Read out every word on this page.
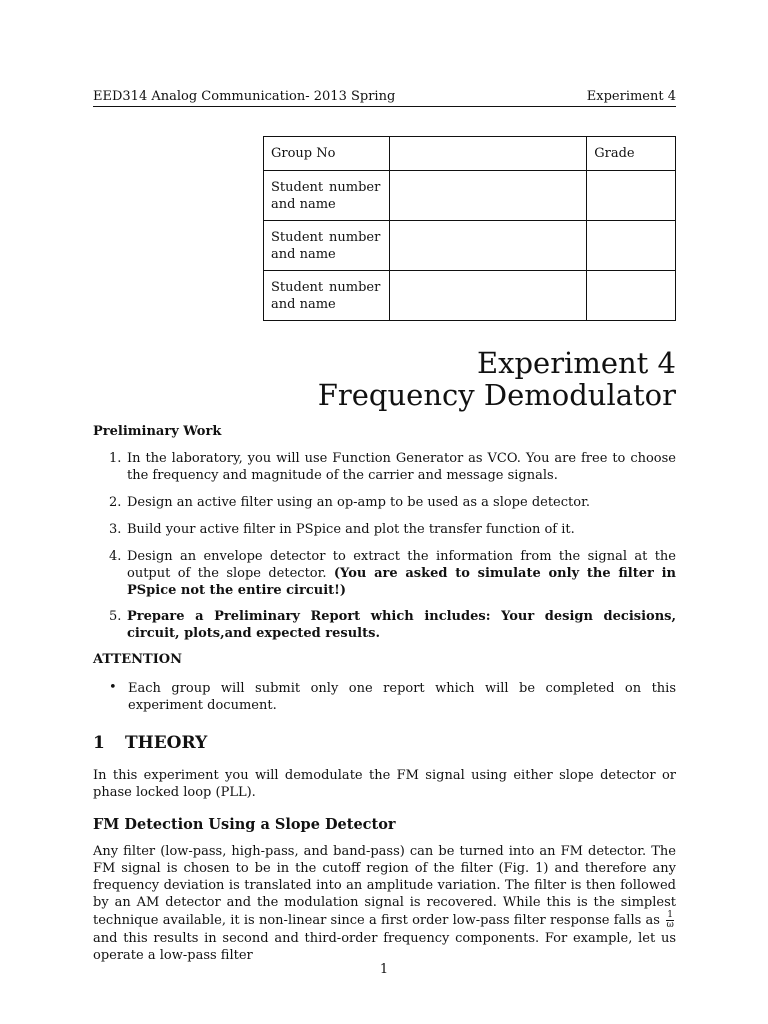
EED314 Analog Communication- 2013 Spring	Experiment 4
Group No		Grade

Student number
and name		

Student number
and name		

Student number
and name		

Experiment 4
Frequency Demodulator
Preliminary Work
1. In the laboratory, you will use Function Generator as VCO. You are free to choose the frequency and magnitude of the carrier and message signals.
2. Design an active filter using an op-amp to be used as a slope detector.
3. Build your active filter in PSpice and plot the transfer function of it.
4. Design an envelope detector to extract the information from the signal at the output of the slope detector. (You are asked to simulate only the filter in PSpice not the entire circuit!)
5. Prepare a Preliminary Report which includes: Your design decisions, circuit, plots,and expected results.
ATTENTION
• Each group will submit only one report which will be completed on this experiment document.
1 THEORY
In this experiment you will demodulate the FM signal using either slope detector or phase locked loop (PLL).
FM Detection Using a Slope Detector
Any filter (low-pass, high-pass, and band-pass) can be turned into an FM detector. The FM signal is chosen to be in the cutoff region of the filter (Fig. 1) and therefore any frequency deviation is translated into an amplitude variation. The filter is then followed by an AM detector and the modulation signal is recovered. While this is the simplest technique available, it is non-linear since a first order low-pass filter response falls as $\frac{1}{\omega}$
and this results in second and third-order frequency components. For example, let us operate a low-pass filter
1
